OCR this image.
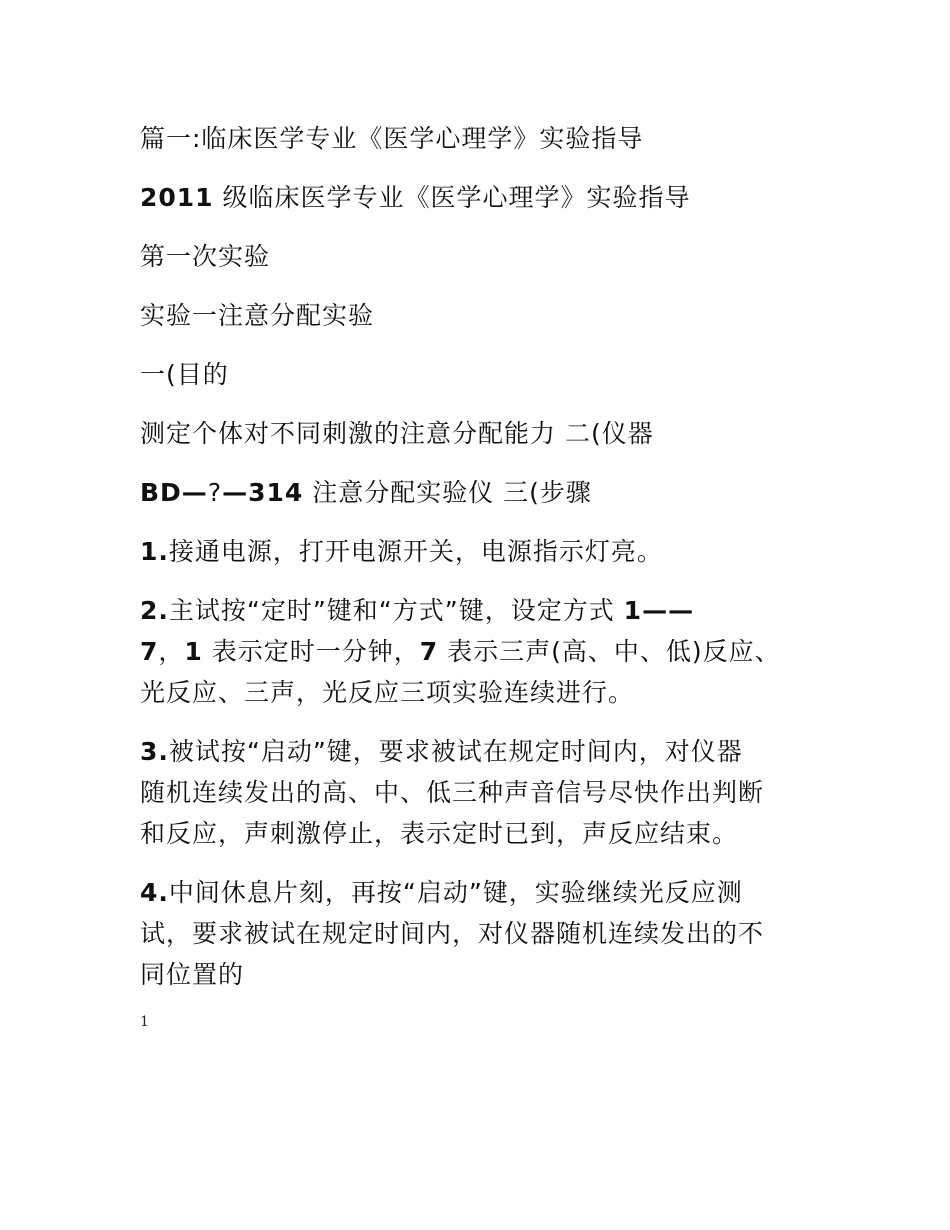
篇一:临床医学专业《医学心理学》实验指导
2011 级临床医学专业《医学心理学》实验指导
第一次实验
实验一注意分配实验
一(目的
测定个体对不同刺激的注意分配能力 二(仪器
BD—?—314 注意分配实验仪 三(步骤
1.接通电源，打开电源开关，电源指示灯亮。
2.主试按“定时”键和“方式”键，设定方式 1——
7，1 表示定时一分钟，7 表示三声(高、中、低)反应、
光反应、三声，光反应三项实验连续进行。
3.被试按“启动”键，要求被试在规定时间内，对仪器
随机连续发出的高、中、低三种声音信号尽快作出判断
和反应，声刺激停止，表示定时已到，声反应结束。
4.中间休息片刻，再按“启动”键，实验继续光反应测
试，要求被试在规定时间内，对仪器随机连续发出的不
同位置的
1
